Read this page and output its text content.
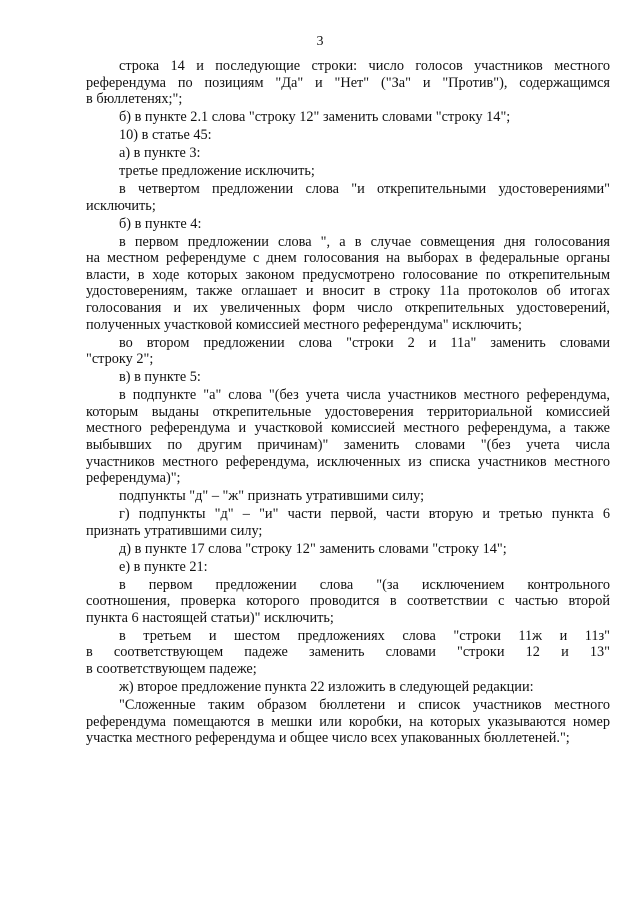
3
строка 14 и последующие строки: число голосов участников местного
референдума по позициям "Да" и "Нет" ("За" и "Против"), содержащимся
в бюллетенях;";
б) в пункте 2.1 слова "строку 12" заменить словами "строку 14";
10) в статье 45:
а) в пункте 3:
третье предложение исключить;
в четвертом предложении слова "и открепительными удостоверениями"
исключить;
б) в пункте 4:
в первом предложении слова ", а в случае совмещения дня голосования
на местном референдуме с днем голосования на выборах в федеральные органы
власти, в ходе которых законом предусмотрено голосование по открепительным
удостоверениям, также оглашает и вносит в строку 11а протоколов об итогах
голосования и их увеличенных форм число открепительных удостоверений,
полученных участковой комиссией местного референдума" исключить;
во втором предложении слова "строки 2 и 11а" заменить словами
"строку 2";
в) в пункте 5:
в подпункте "а" слова "(без учета числа участников местного референдума,
которым выданы открепительные удостоверения территориальной комиссией
местного референдума и участковой комиссией местного референдума, а также
выбывших по другим причинам)" заменить словами "(без учета числа
участников местного референдума, исключенных из списка участников местного
референдума)";
подпункты "д" – "ж" признать утратившими силу;
г) подпункты "д" – "и" части первой, части вторую и третью пункта 6
признать утратившими силу;
д) в пункте 17 слова "строку 12" заменить словами "строку 14";
е) в пункте 21:
в первом предложении слова "(за исключением контрольного
соотношения, проверка которого проводится в соответствии с частью второй
пункта 6 настоящей статьи)" исключить;
в третьем и шестом предложениях слова "строки 11ж и 11з"
в соответствующем падеже заменить словами "строки 12 и 13"
в соответствующем падеже;
ж) второе предложение пункта 22 изложить в следующей редакции:
"Сложенные таким образом бюллетени и список участников местного
референдума помещаются в мешки или коробки, на которых указываются номер
участка местного референдума и общее число всех упакованных бюллетеней.";
